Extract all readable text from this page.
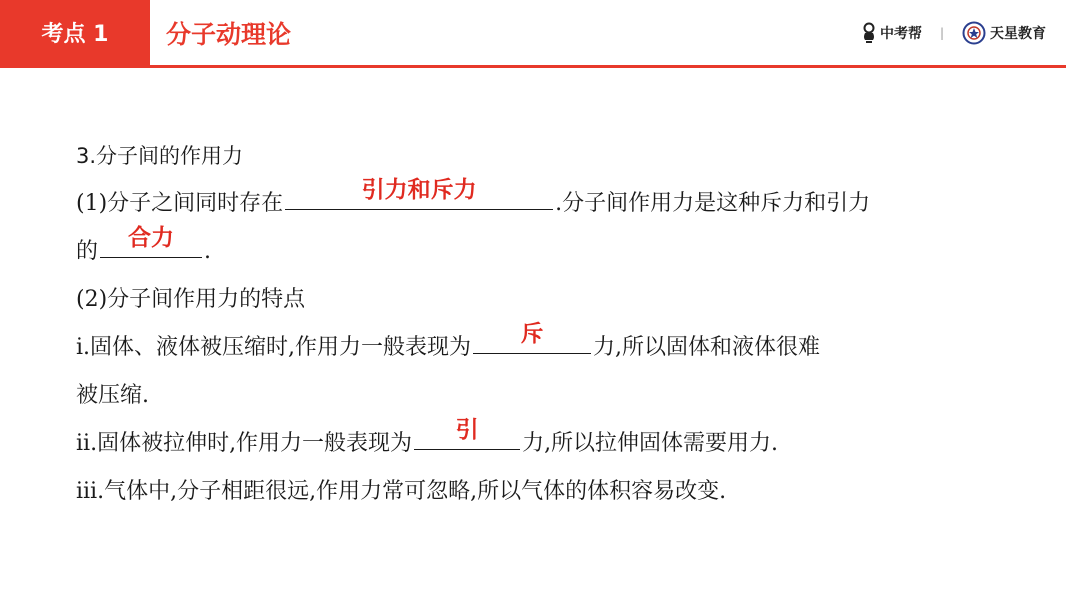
考点 1	分子动理论	中考帮 |	天星教育
3.分子间的作用力
(1)分子之间同时存在
引力和斥力
.分子间作用力是这种斥力和引力
的
合力
.
(2)分子间作用力的特点
ⅰ.固体、液体被压缩时,作用力一般表现为
斥
力,所以固体和液体很难
被压缩.
ⅱ.固体被拉伸时,作用力一般表现为
引
力,所以拉伸固体需要用力.
ⅲ.气体中,分子相距很远,作用力常可忽略,所以气体的体积容易改变.
